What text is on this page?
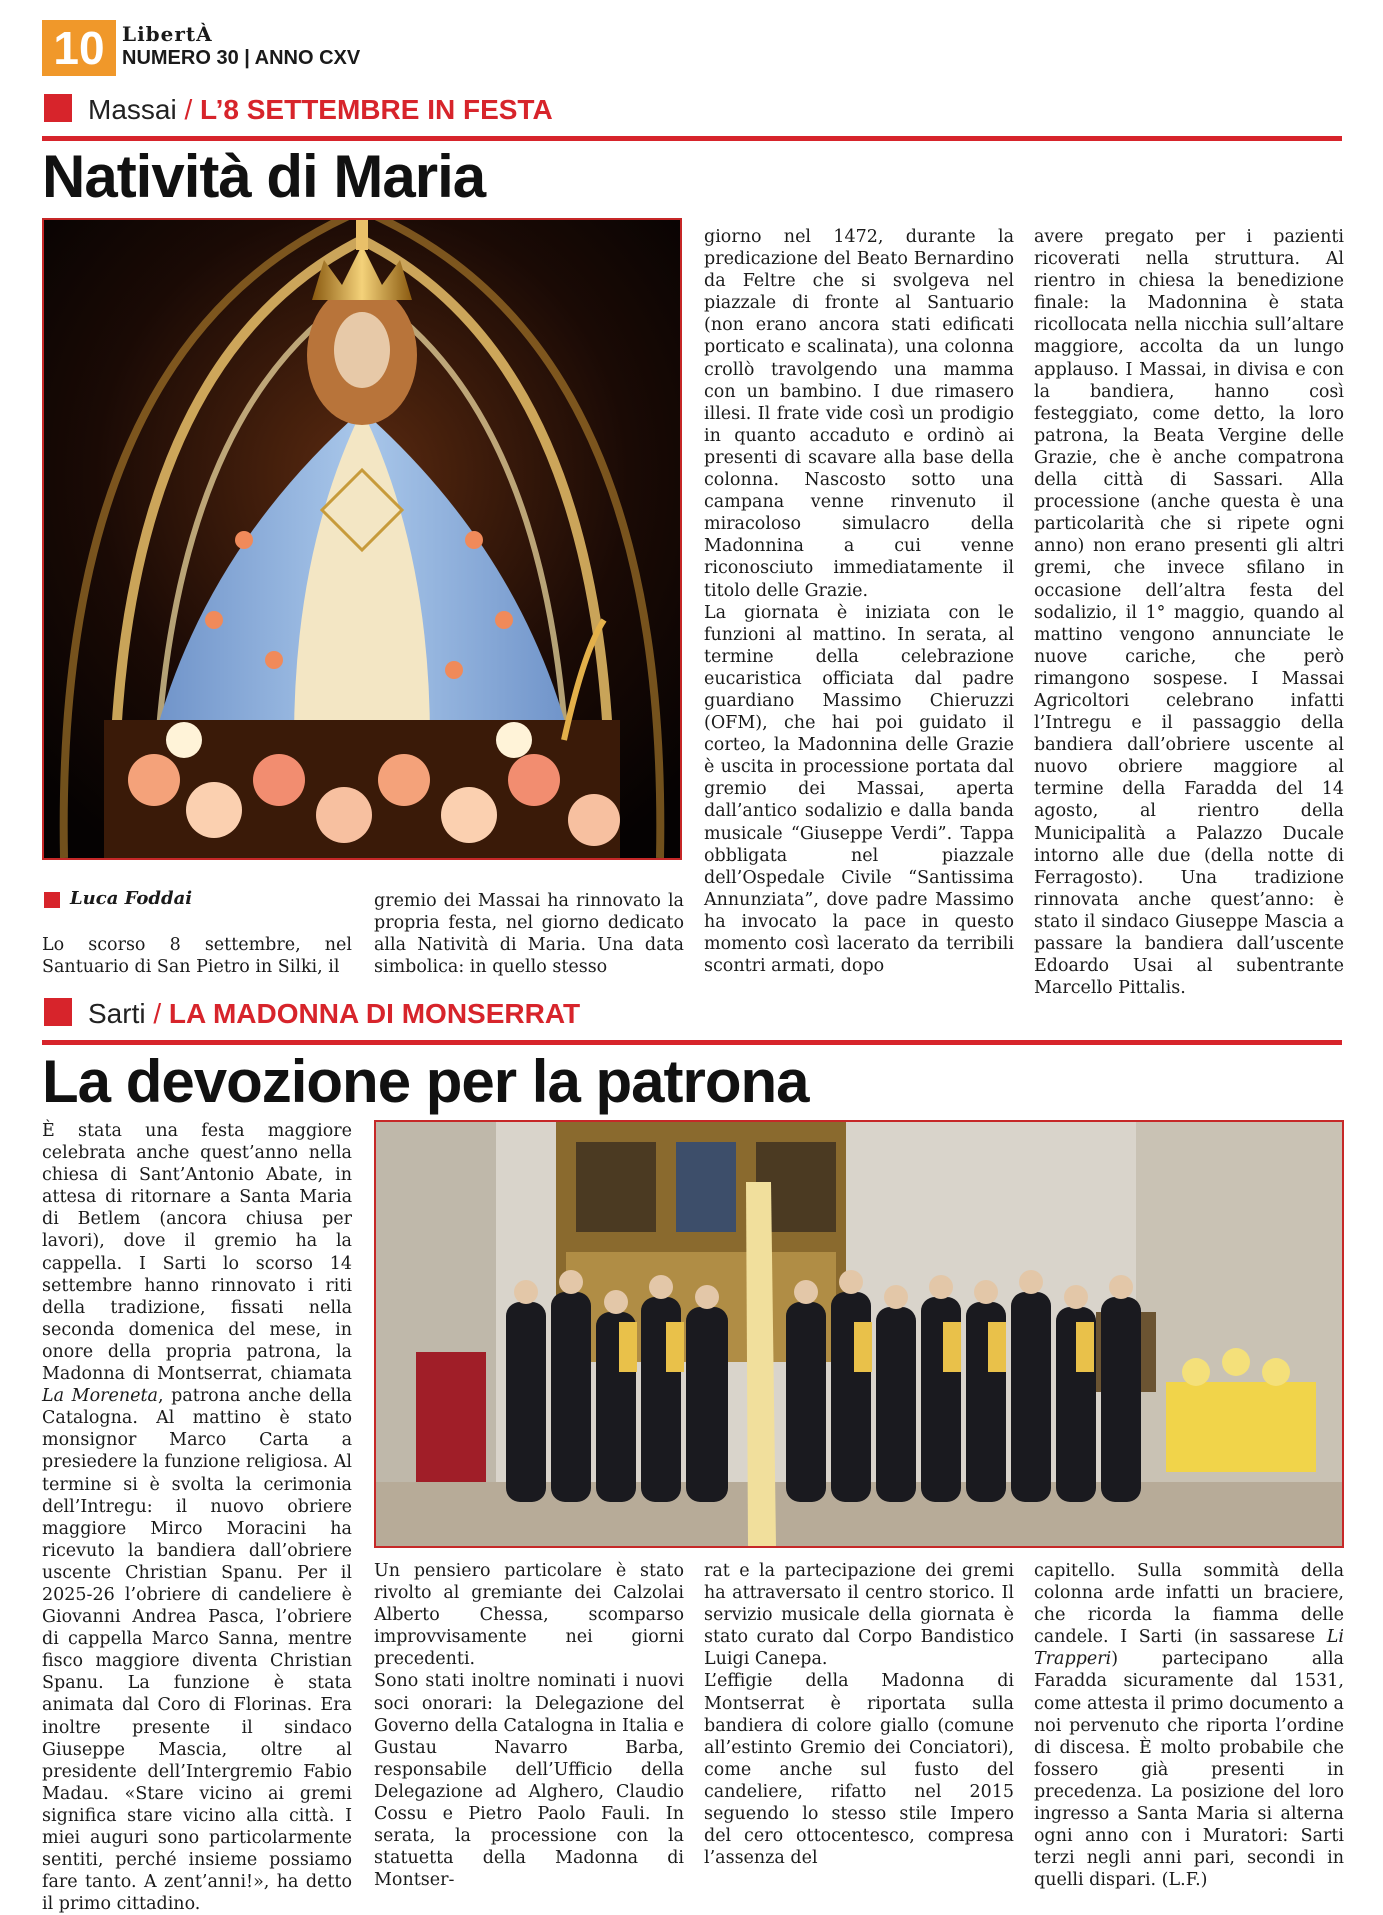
10 LibertÀ
NUMERO 30 | ANNO CXV
Massai / L’8 SETTEMBRE IN FESTA
Natività di Maria
Luca Foddai

Lo scorso 8 settembre, nel Santuario di San Pietro in Silki, il

gremio dei Massai ha rinnovato la propria festa, nel giorno dedicato alla Natività di Maria. Una data simbolica: in quello stesso

giorno nel 1472, durante la predicazione del Beato Bernardino da Feltre che si svolgeva nel piazzale di fronte al Santuario (non erano ancora stati edificati porticato e scalinata), una colonna crollò travolgendo una mamma con un bambino. I due rimasero illesi. Il frate vide così un prodigio in quanto accaduto e ordinò ai presenti di scavare alla base della colonna. Nascosto sotto una campana venne rinvenuto il miracoloso simulacro della Madonnina a cui venne riconosciuto immediatamente il titolo delle Grazie.

La giornata è iniziata con le funzioni al mattino. In serata, al termine della celebrazione eucaristica officiata dal padre guardiano Massimo Chieruzzi (OFM), che hai poi guidato il corteo, la Madonnina delle Grazie è uscita in processione portata dal gremio dei Massai, aperta dall’antico sodalizio e dalla banda musicale “Giuseppe Verdi”. Tappa obbligata nel piazzale dell’Ospedale Civile “Santissima Annunziata”, dove padre Massimo ha invocato la pace in questo momento così lacerato da terribili scontri armati, dopo

avere pregato per i pazienti ricoverati nella struttura. Al rientro in chiesa la benedizione finale: la Madonnina è stata ricollocata nella nicchia sull’altare maggiore, accolta da un lungo applauso. I Massai, in divisa e con la bandiera, hanno così festeggiato, come detto, la loro patrona, la Beata Vergine delle Grazie, che è anche compatrona della città di Sassari. Alla processione (anche questa è una particolarità che si ripete ogni anno) non erano presenti gli altri gremi, che invece sfilano in occasione dell’altra festa del sodalizio, il 1° maggio, quando al mattino vengono annunciate le nuove cariche, che però rimangono sospese. I Massai Agricoltori celebrano infatti l’Intregu e il passaggio della bandiera dall’obriere uscente al nuovo obriere maggiore al termine della Faradda del 14 agosto, al rientro della Municipalità a Palazzo Ducale intorno alle due (della notte di Ferragosto). Una tradizione rinnovata anche quest’anno: è stato il sindaco Giuseppe Mascia a passare la bandiera dall’uscente Edoardo Usai al subentrante Marcello Pittalis.

Sarti / LA MADONNA DI MONSERRAT
La devozione per la patrona

È stata una festa maggiore celebrata anche quest’anno nella chiesa di Sant’Antonio Abate, in attesa di ritornare a Santa Maria di Betlem (ancora chiusa per lavori), dove il gremio ha la cappella. I Sarti lo scorso 14 settembre hanno rinnovato i riti della tradizione, fissati nella seconda domenica del mese, in onore della propria patrona, la Madonna di Montserrat, chiamata La Moreneta, patrona anche della Catalogna. Al mattino è stato monsignor Marco Carta a presiedere la funzione religiosa. Al termine si è svolta la cerimonia dell’Intregu: il nuovo obriere maggiore Mirco Moracini ha ricevuto la bandiera dall’obriere uscente Christian Spanu. Per il 2025-26 l’obriere di candeliere è Giovanni Andrea Pasca, l’obriere di cappella Marco Sanna, mentre fisco maggiore diventa Christian Spanu. La funzione è stata animata dal Coro di Florinas. Era inoltre presente il sindaco Giuseppe Mascia, oltre al presidente dell’Intergremio Fabio Madau. «Stare vicino ai gremi significa stare vicino alla città. I miei auguri sono particolarmente sentiti, perché insieme possiamo fare tanto. A zent’anni!», ha detto il primo cittadino.

Un pensiero particolare è stato rivolto al gremiante dei Calzolai Alberto Chessa, scomparso improvvisamente nei giorni precedenti.

Sono stati inoltre nominati i nuovi soci onorari: la Delegazione del Governo della Catalogna in Italia e Gustau Navarro Barba, responsabile dell’Ufficio della Delegazione ad Alghero, Claudio Cossu e Pietro Paolo Fauli. In serata, la processione con la statuetta della Madonna di Montser-

rat e la partecipazione dei gremi ha attraversato il centro storico. Il servizio musicale della giornata è stato curato dal Corpo Bandistico Luigi Canepa.

L’effigie della Madonna di Montserrat è riportata sulla bandiera di colore giallo (comune all’estinto Gremio dei Conciatori), come anche sul fusto del candeliere, rifatto nel 2015 seguendo lo stesso stile Impero del cero ottocentesco, compresa l’assenza del

capitello. Sulla sommità della colonna arde infatti un braciere, che ricorda la fiamma delle candele. I Sarti (in sassarese Li Trapperi) partecipano alla Faradda sicuramente dal 1531, come attesta il primo documento a noi pervenuto che riporta l’ordine di discesa. È molto probabile che fossero già presenti in precedenza. La posizione del loro ingresso a Santa Maria si alterna ogni anno con i Muratori: Sarti terzi negli anni pari, secondi in quelli dispari. (L.F.)
